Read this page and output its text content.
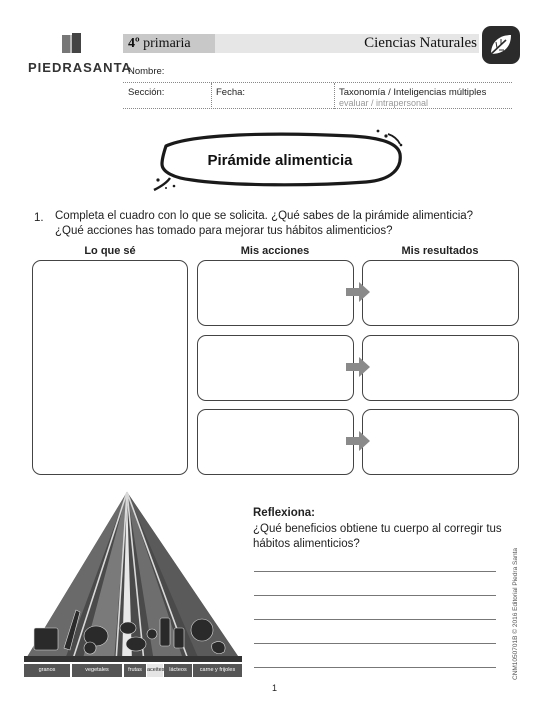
PIEDRASANTA
4º primaria	Ciencias Naturales
Nombre:
Sección:	Fecha:	Taxonomía / Inteligencias múltiples
evaluar / intrapersonal
Pirámide alimenticia
1. Completa el cuadro con lo que se solicita. ¿Qué sabes de la pirámide alimenticia? ¿Qué acciones has tomado para mejorar tus hábitos alimenticios?
Lo que sé	Mis acciones	Mis resultados
granos	vegetales	frutas aceites lácteos	carne y frijoles
Reflexiona:
¿Qué beneficios obtiene tu cuerpo al corregir tus hábitos alimenticios?
CNM1050701B © 2016 Editorial Piedra Santa
1
